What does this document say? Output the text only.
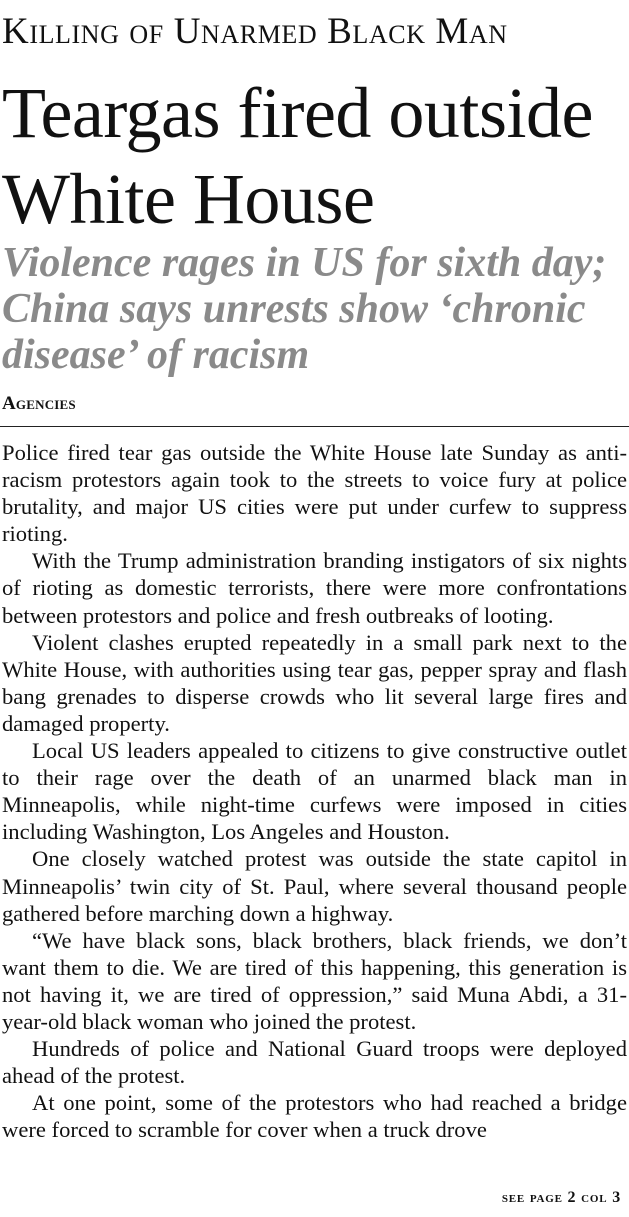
Killing of Unarmed Black Man
Teargas fired outside White House
Violence rages in US for sixth day; China says unrests show ‘chronic disease’ of racism
Agencies

Police fired tear gas outside the White House late Sunday as anti-racism protestors again took to the streets to voice fury at police brutality, and major US cities were put under curfew to suppress rioting.

With the Trump administration branding instigators of six nights of rioting as domestic terrorists, there were more confrontations between protestors and police and fresh outbreaks of looting.

Violent clashes erupted repeatedly in a small park next to the White House, with authorities using tear gas, pepper spray and flash bang grenades to disperse crowds who lit several large fires and damaged property.

Local US leaders appealed to citizens to give constructive outlet to their rage over the death of an unarmed black man in Minneapolis, while night-time curfews were imposed in cities including Washington, Los Angeles and Houston.

One closely watched protest was outside the state capitol in Minneapolis’ twin city of St. Paul, where several thousand people gathered before marching down a highway.

“We have black sons, black brothers, black friends, we don’t want them to die. We are tired of this happening, this generation is not having it, we are tired of oppression,” said Muna Abdi, a 31-year-old black woman who joined the protest.

Hundreds of police and National Guard troops were deployed ahead of the protest.

At one point, some of the protestors who had reached a bridge were forced to scramble for cover when a truck drove

see page 2 col 3
